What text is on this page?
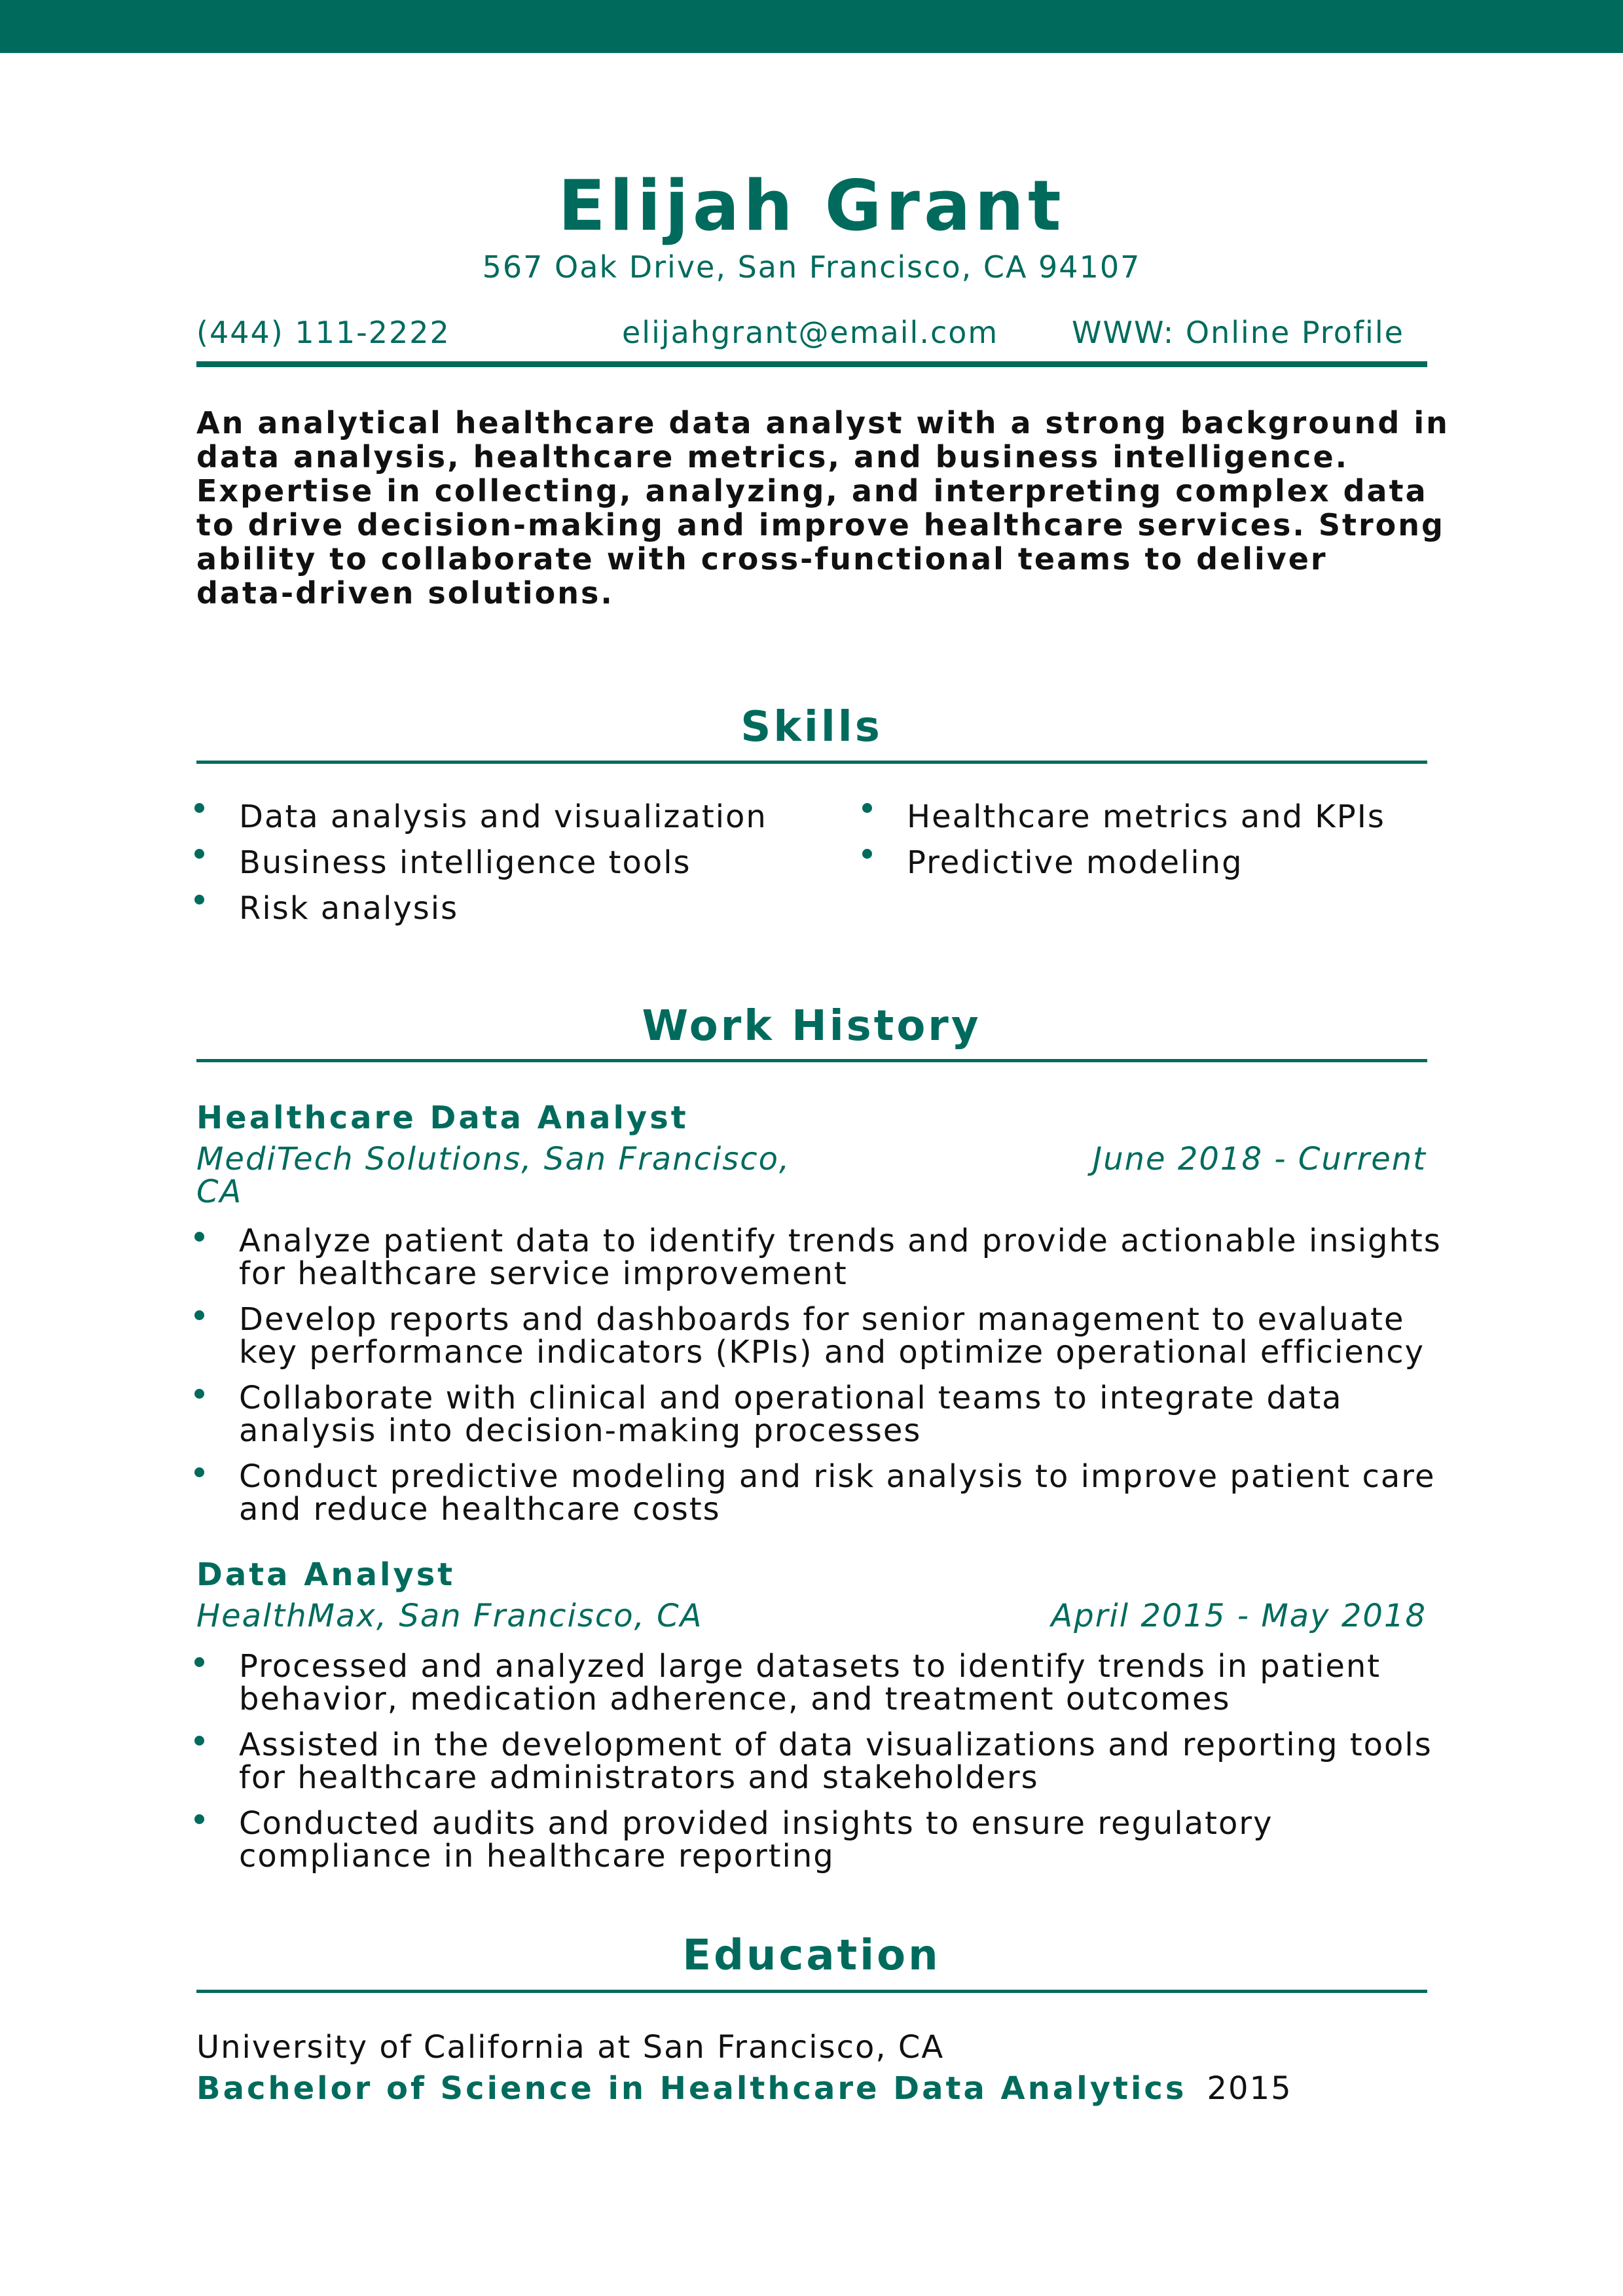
Elijah Grant
567 Oak Drive, San Francisco, CA 94107
(444) 111-2222	elijahgrant@email.com WWW: Online Profile
An analytical healthcare data analyst with a strong background in
data analysis, healthcare metrics, and business intelligence.
Expertise in collecting, analyzing, and interpreting complex data
to drive decision-making and improve healthcare services. Strong
ability to collaborate with cross-functional teams to deliver
data-driven solutions.
Skills
Data analysis and visualization
Business intelligence tools
Risk analysis
Healthcare metrics and KPIs
Predictive modeling
Work History
Healthcare Data Analyst
MediTech Solutions, San Francisco,
CA
June 2018 - Current
Analyze patient data to identify trends and provide actionable insights
for healthcare service improvement
Develop reports and dashboards for senior management to evaluate
key performance indicators (KPIs) and optimize operational efficiency
Collaborate with clinical and operational teams to integrate data
analysis into decision-making processes
Conduct predictive modeling and risk analysis to improve patient care
and reduce healthcare costs
Data Analyst
HealthMax, San Francisco, CA	April 2015 - May 2018
Processed and analyzed large datasets to identify trends in patient
behavior, medication adherence, and treatment outcomes
Assisted in the development of data visualizations and reporting tools
for healthcare administrators and stakeholders
Conducted audits and provided insights to ensure regulatory
compliance in healthcare reporting
Education
University of California at San Francisco, CA
Bachelor of Science in Healthcare Data Analytics 2015
